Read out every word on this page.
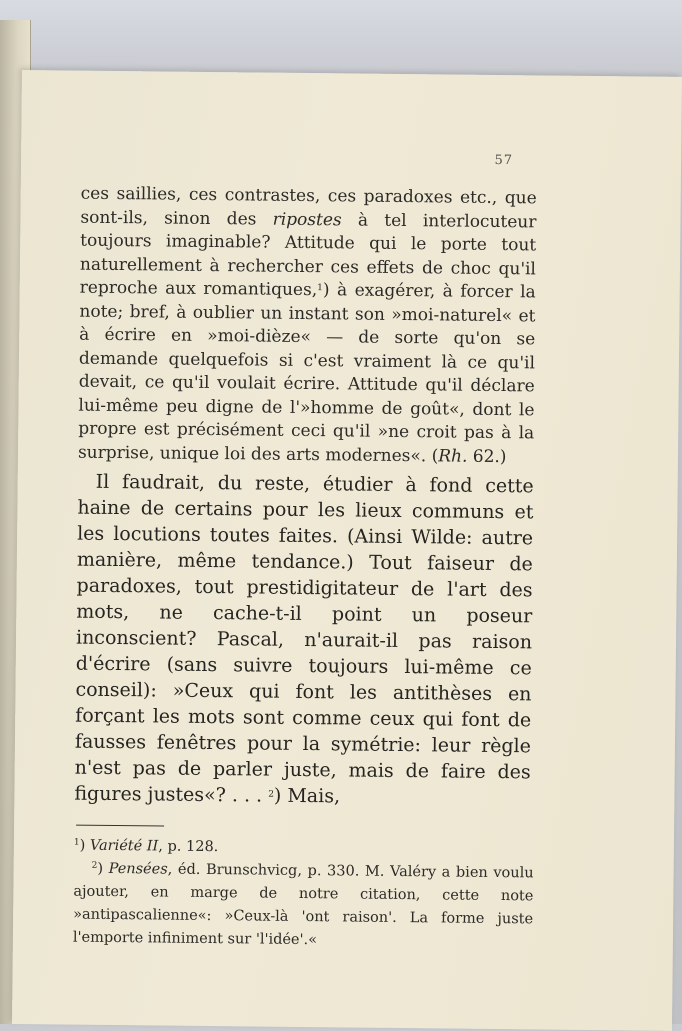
57

ces saillies, ces contrastes, ces paradoxes etc., que sont-ils, sinon des ripostes à tel interlocuteur toujours imaginable? Attitude qui le porte tout naturellement à rechercher ces effets de choc qu'il reproche aux romantiques,$^1$) à exagérer, à forcer la note; bref, à oublier un instant son »moi-naturel« et à écrire en »moi-dièze« — de sorte qu'on se demande quelquefois si c'est vraiment là ce qu'il devait, ce qu'il voulait écrire. Attitude qu'il déclare lui-même peu digne de l'»homme de goût«, dont le propre est précisément ceci qu'il »ne croit pas à la surprise, unique loi des arts modernes«. (Rh. 62.)

Il faudrait, du reste, étudier à fond cette haine de certains pour les lieux communs et les locutions toutes faites. (Ainsi Wilde: autre manière, même tendance.) Tout faiseur de paradoxes, tout prestidigitateur de l'art des mots, ne cache-t-il point un poseur inconscient? Pascal, n'aurait-il pas raison d'écrire (sans suivre toujours lui-même ce conseil): »Ceux qui font les antithèses en forçant les mots sont comme ceux qui font de fausses fenêtres pour la symétrie: leur règle n'est pas de parler juste, mais de faire des figures justes«? . . . $^2$) Mais,

$^1$) Variété II, p. 128.

$^2$) Pensées, éd. Brunschvicg, p. 330. M. Valéry a bien voulu ajouter, en marge de notre citation, cette note »antipascalienne«: »Ceux-là 'ont raison'. La forme juste l'emporte infiniment sur 'l'idée'.«
